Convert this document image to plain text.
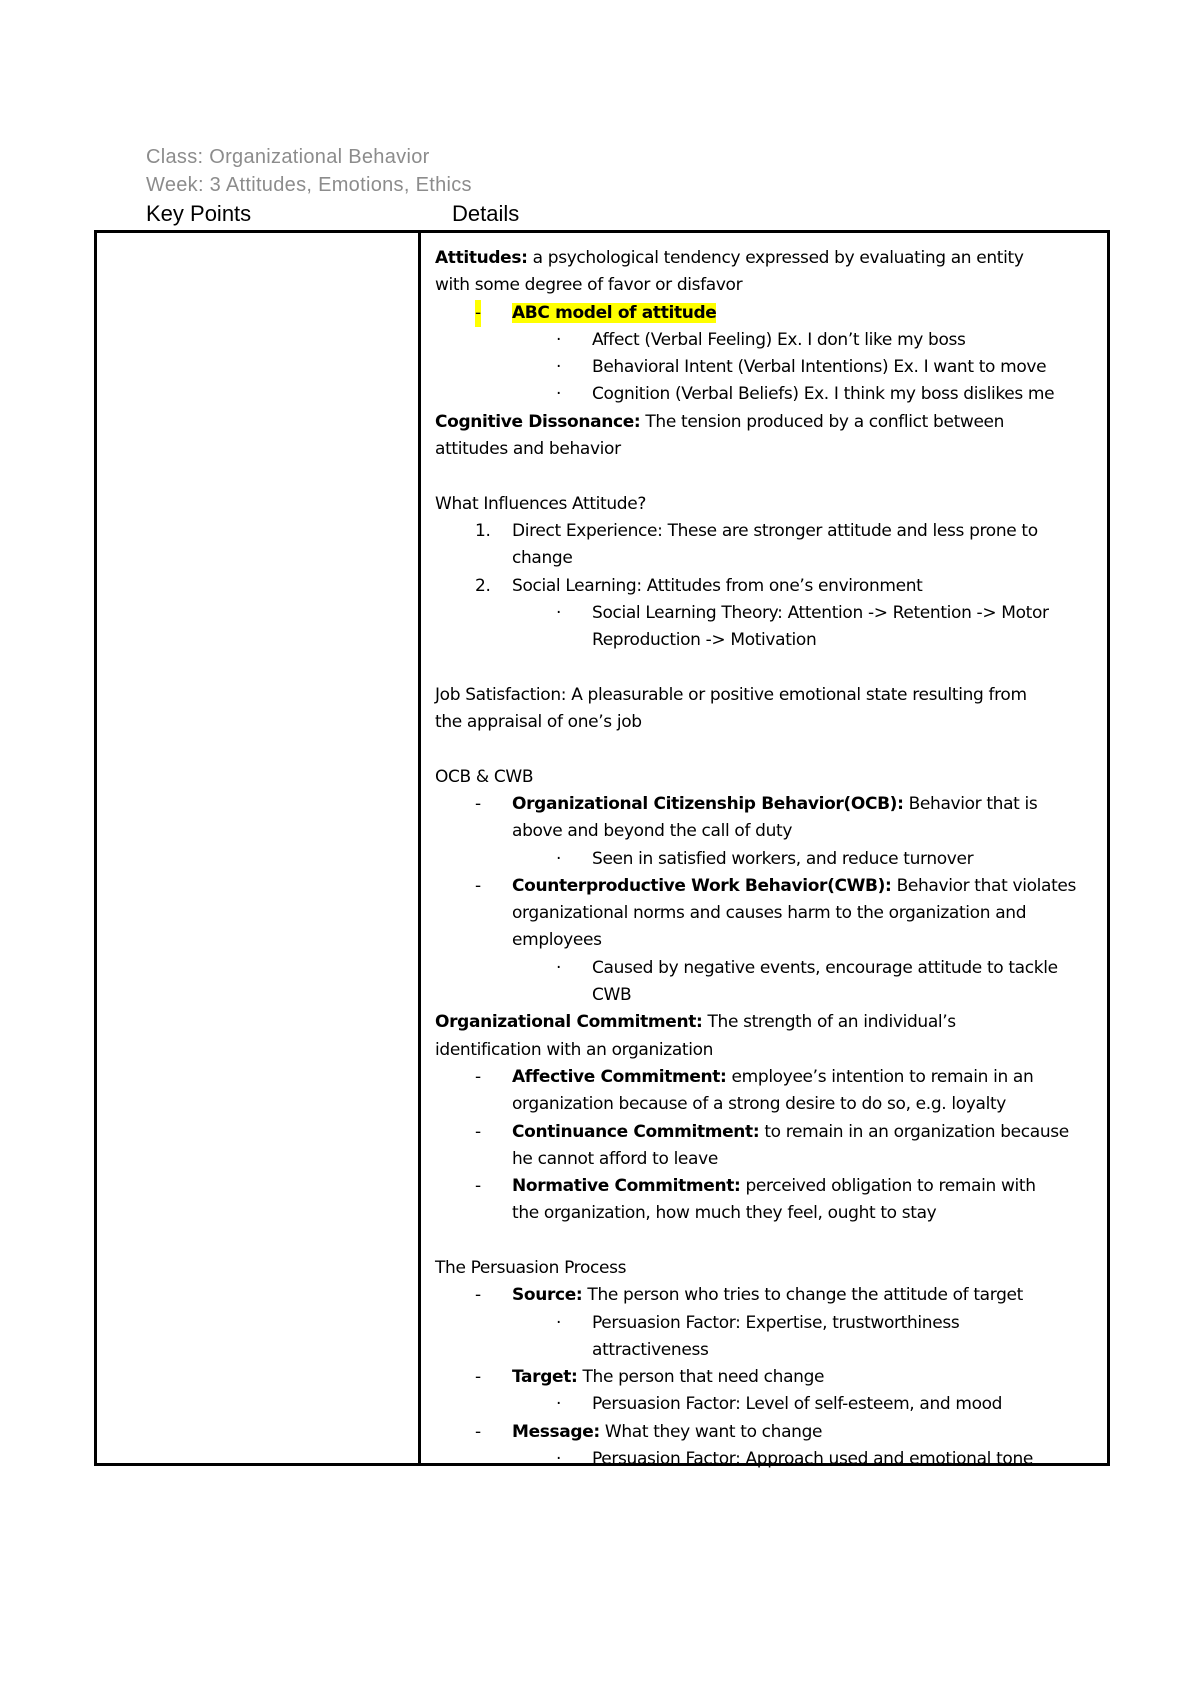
Class: Organizational Behavior
Week: 3 Attitudes, Emotions, Ethics
Key Points	Details
Attitudes: a psychological tendency expressed by evaluating an entity
with some degree of favor or disfavor
- ABC model of attitude
· Affect (Verbal Feeling) Ex. I don’t like my boss
· Behavioral Intent (Verbal Intentions) Ex. I want to move
· Cognition (Verbal Beliefs) Ex. I think my boss dislikes me
Cognitive Dissonance: The tension produced by a conflict between
attitudes and behavior
What Influences Attitude?
1. Direct Experience: These are stronger attitude and less prone to
change
2. Social Learning: Attitudes from one’s environment
· Social Learning Theory: Attention -> Retention -> Motor
Reproduction -> Motivation
Job Satisfaction: A pleasurable or positive emotional state resulting from
the appraisal of one’s job
OCB & CWB
- Organizational Citizenship Behavior(OCB): Behavior that is
above and beyond the call of duty
· Seen in satisfied workers, and reduce turnover
- Counterproductive Work Behavior(CWB): Behavior that violates
organizational norms and causes harm to the organization and
employees
· Caused by negative events, encourage attitude to tackle
CWB
Organizational Commitment: The strength of an individual’s
identification with an organization
- Affective Commitment: employee’s intention to remain in an
organization because of a strong desire to do so, e.g. loyalty
- Continuance Commitment: to remain in an organization because
he cannot afford to leave
- Normative Commitment: perceived obligation to remain with
the organization, how much they feel, ought to stay
The Persuasion Process
- Source: The person who tries to change the attitude of target
· Persuasion Factor: Expertise, trustworthiness
attractiveness
- Target: The person that need change
· Persuasion Factor: Level of self-esteem, and mood
- Message: What they want to change
· Persuasion Factor: Approach used and emotional tone
